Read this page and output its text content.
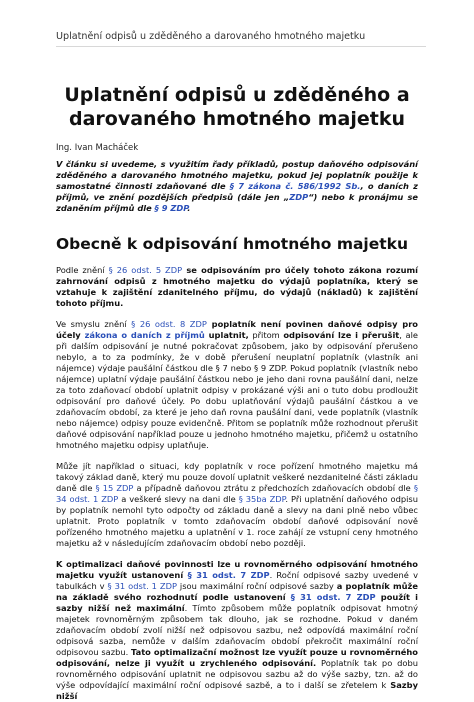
Uplatnění odpisů u zděděného a darovaného hmotného majetku
Uplatnění odpisů u zděděného a
darovaného hmotného majetku
Ing. Ivan Macháček
V článku si uvedeme, s využitím řady příkladů, postup daňového odpisování zděděného a darovaného hmotného majetku, pokud jej poplatník použije k samostatné činnosti zdaňované dle § 7 zákona č. 586/1992 Sb., o daních z příjmů, ve znění pozdějších předpisů (dále jen „ZDP“) nebo k pronájmu se zdaněním příjmů dle § 9 ZDP.
Obecně k odpisování hmotného majetku
Podle znění § 26 odst. 5 ZDP se odpisováním pro účely tohoto zákona rozumí zahrnování odpisů z hmotného majetku do výdajů poplatníka, který se vztahuje k zajištění zdanitelného příjmu, do výdajů (nákladů) k zajištění tohoto příjmu.
Ve smyslu znění § 26 odst. 8 ZDP poplatník není povinen daňové odpisy pro účely zákona o daních z příjmů uplatnit, přitom odpisování lze i přerušit, ale při dalším odpisování je nutné pokračovat způsobem, jako by odpisování přerušeno nebylo, a to za podmínky, že v době přerušení neuplatní poplatník (vlastník ani nájemce) výdaje paušální částkou dle § 7 nebo § 9 ZDP. Pokud poplatník (vlastník nebo nájemce) uplatní výdaje paušální částkou nebo je jeho dani rovna paušální dani, nelze za toto zdaňovací období uplatnit odpisy v prokázané výši ani o tuto dobu prodloužit odpisování pro daňové účely. Po dobu uplatňování výdajů paušální částkou a ve zdaňovacím období, za které je jeho daň rovna paušální dani, vede poplatník (vlastník nebo nájemce) odpisy pouze evidenčně. Přitom se poplatník může rozhodnout přerušit daňové odpisování například pouze u jednoho hmotného majetku, přičemž u ostatního hmotného majetku odpisy uplatňuje.
Může jít například o situaci, kdy poplatník v roce pořízení hmotného majetku má takový základ daně, který mu pouze dovolí uplatnit veškeré nezdanitelné části základu daně dle § 15 ZDP a případně daňovou ztrátu z předchozích zdaňovacích období dle § 34 odst. 1 ZDP a veškeré slevy na dani dle § 35ba ZDP. Při uplatnění daňového odpisu by poplatník nemohl tyto odpočty od základu daně a slevy na dani plně nebo vůbec uplatnit. Proto poplatník v tomto zdaňovacím období daňové odpisování nově pořízeného hmotného majetku a uplatnění v 1. roce zahájí ze vstupní ceny hmotného majetku až v následujícím zdaňovacím období nebo později.
K optimalizaci daňové povinnosti lze u rovnoměrného odpisování hmotného majetku využít ustanovení § 31 odst. 7 ZDP. Roční odpisové sazby uvedené v tabulkách v § 31 odst. 1 ZDP jsou maximální roční odpisové sazby a poplatník může na základě svého rozhodnutí podle ustanovení § 31 odst. 7 ZDP použít i sazby nižší než maximální. Tímto způsobem může poplatník odpisovat hmotný majetek rovnoměrným způsobem tak dlouho, jak se rozhodne. Pokud v daném zdaňovacím období zvolí nižší než odpisovou sazbu, než odpovídá maximální roční odpisová sazba, nemůže v dalším zdaňovacím období překročit maximální roční odpisovou sazbu. Tato optimalizační možnost lze využít pouze u rovnoměrného odpisování, nelze ji využít u zrychleného odpisování. Poplatník tak po dobu rovnoměrného odpisování uplatnit ne odpisovou sazbu až do výše sazby, tzn. až do výše odpovídající maximální roční odpisové sazbě, a to i další se zřetelem k Sazby nižší
